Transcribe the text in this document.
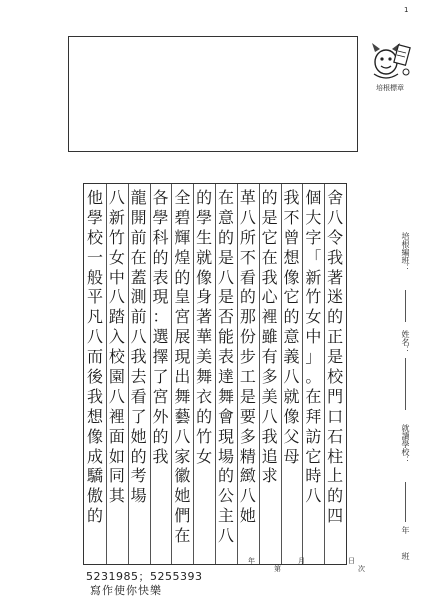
1
培根標章
舍
八
令
我
著
迷
的
正
是
校
門
口
石
柱
上
的
四
個
大
字
「
新
竹
女
中
」
。
在
拜
訪
它
時
八
我
不
曾
想
像
它
的
意
義
八
就
像
父
母
的
是
它
在
我
心
裡
雖
有
多
美
八
我
追
求
革
八
所
不
看
的
那
份
步
工
是
要
多
精
緻
八
她
在
意
的
是
八
是
否
能
表
達
舞
會
現
場
的
公
主
八
的
學
生
就
像
身
著
華
美
舞
衣
的
竹
女
全
碧
輝
煌
的
皇
宮
展
現
出
舞
藝
八
家
徽
她
們
在
各
學
科
的
表
現
：
選
擇
了
宮
外
的
我
龍
開
前
在
蓋
測
前
八
我
去
看
了
她
的
考
場
八
新
竹
女
中
八
踏
入
校
園
八
裡
面
如
同
其
他
學
校
一
般
平
凡
八
而
後
我
想
像
成
驕
傲
的
培根編班：
姓名：
就讀學校：
年
班
年	月	日
第	次
5231985；5255393
寫作使你快樂
